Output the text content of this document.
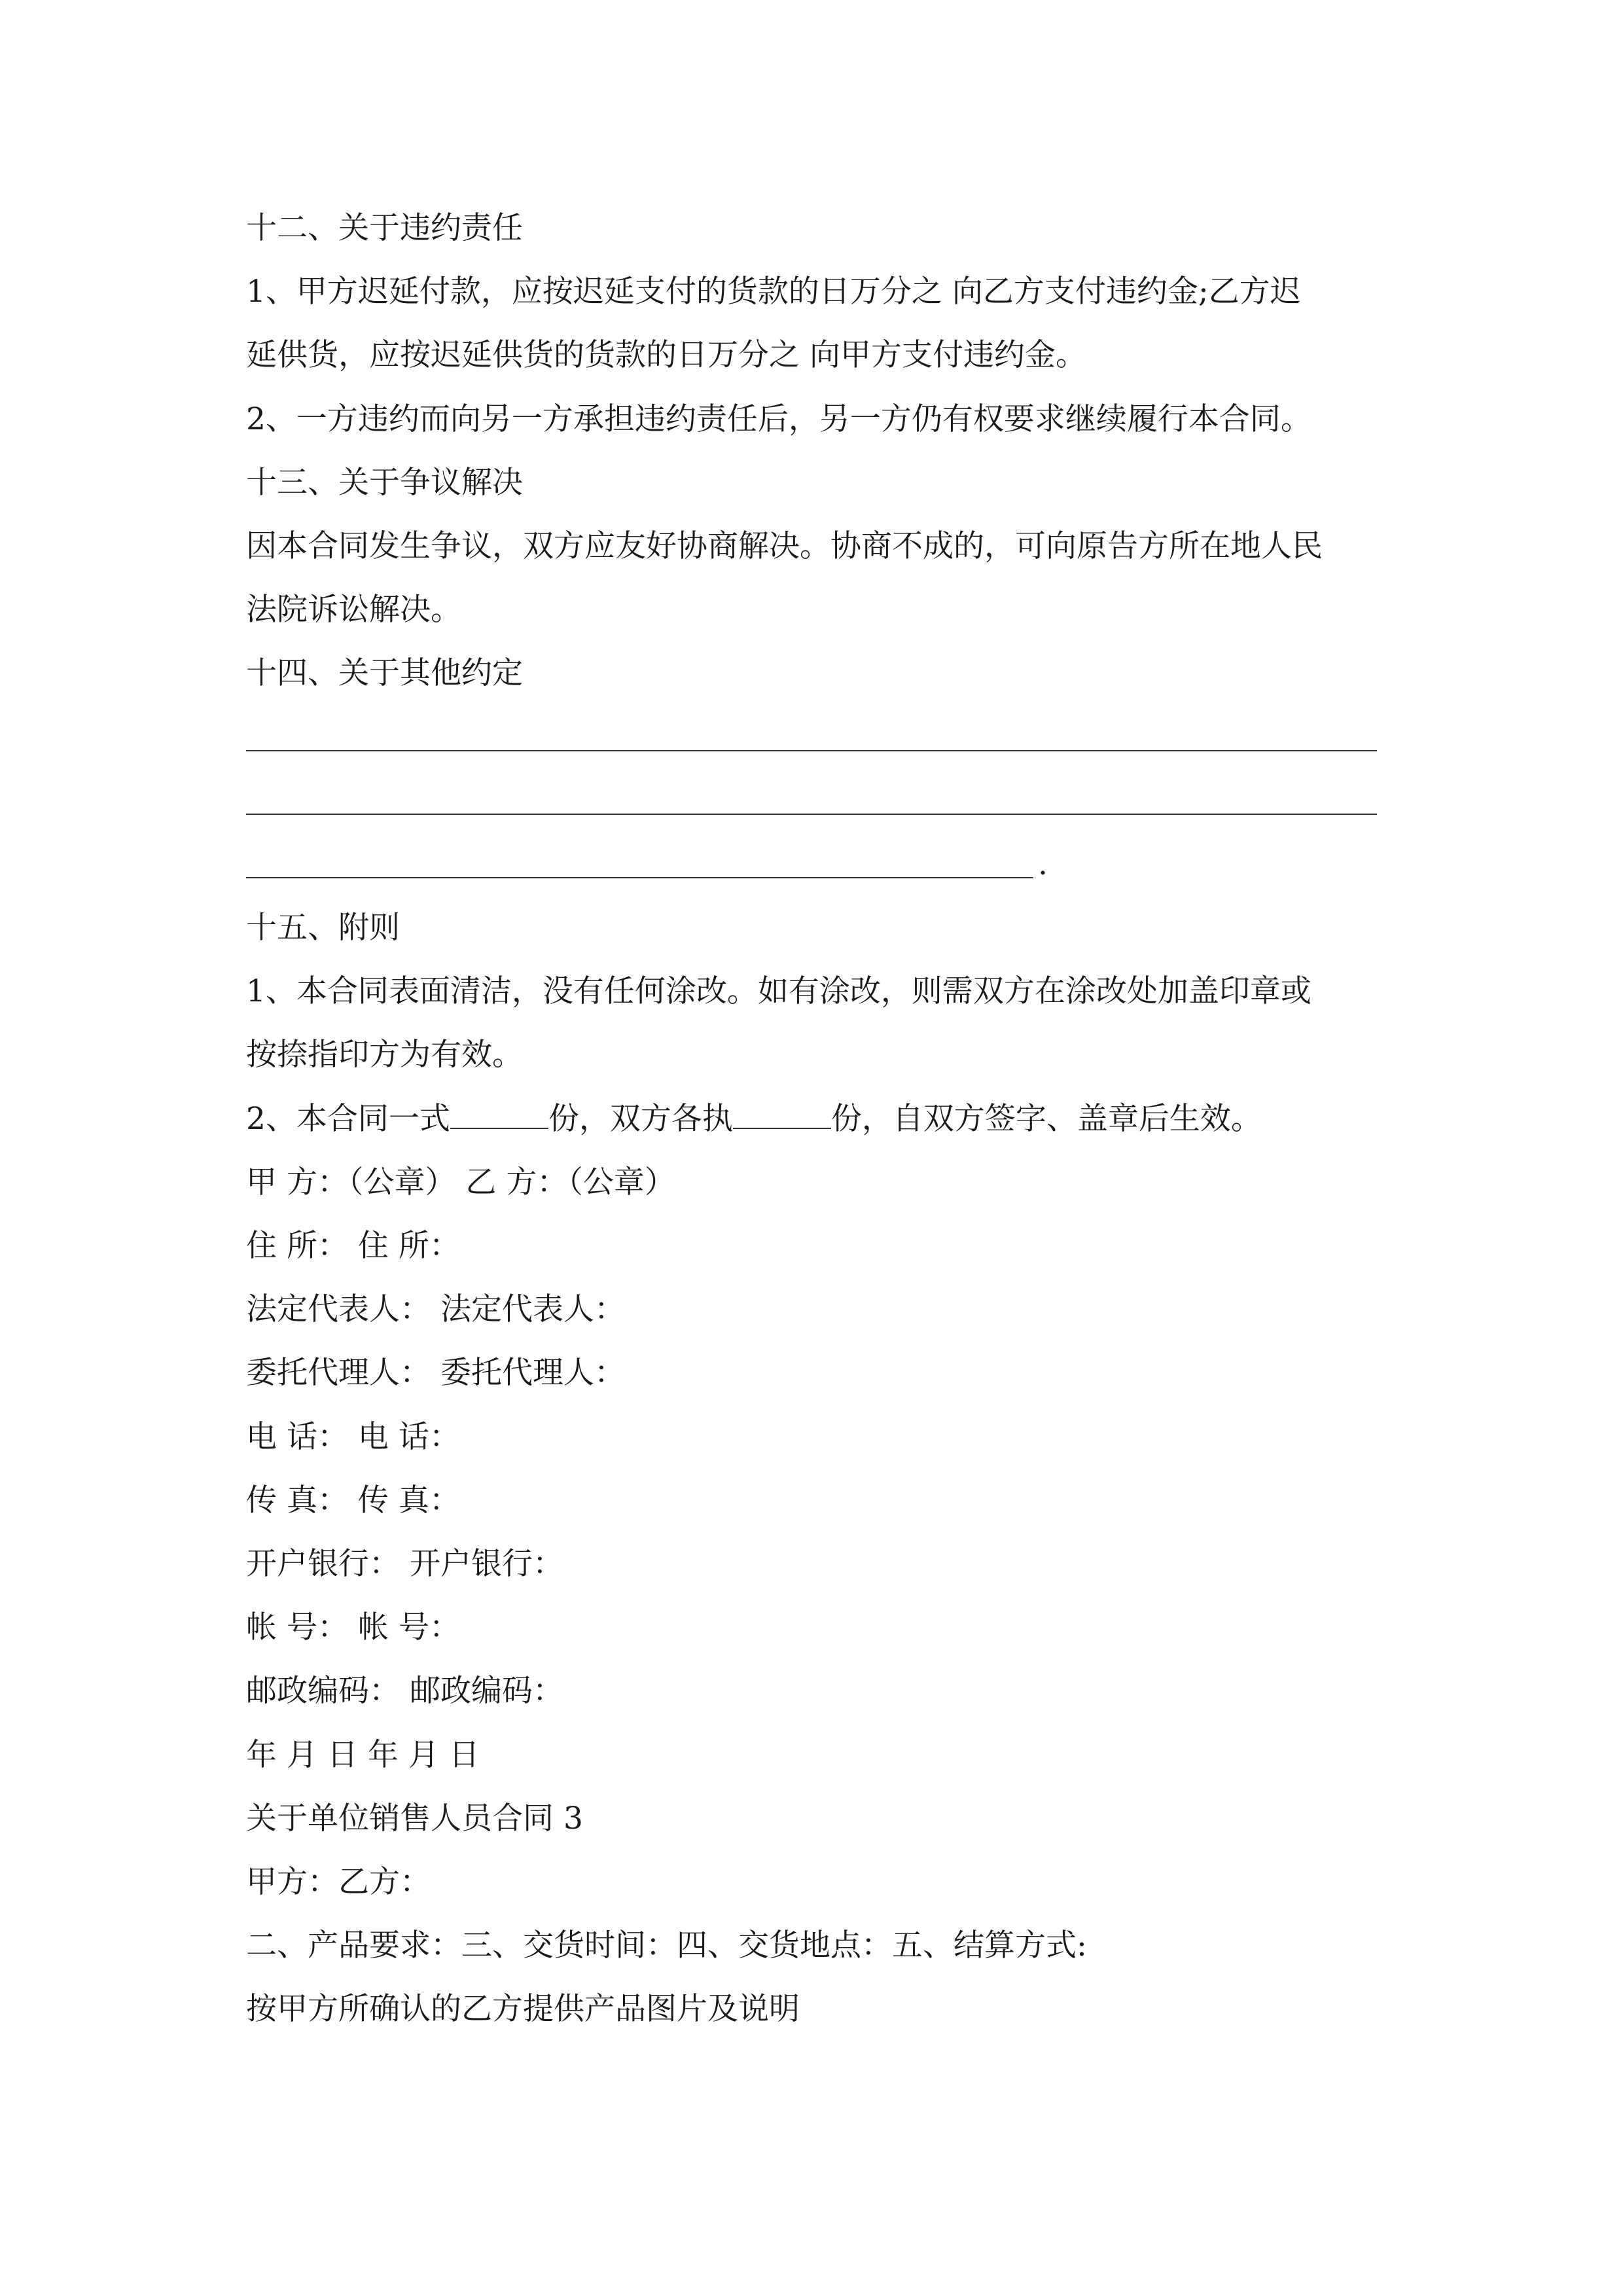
十二、关于违约责任
1、甲方迟延付款，应按迟延支付的货款的日万分之 向乙方支付违约金;乙方迟
延供货，应按迟延供货的货款的日万分之 向甲方支付违约金。
2、一方违约而向另一方承担违约责任后，另一方仍有权要求继续履行本合同。
十三、关于争议解决
因本合同发生争议，双方应友好协商解决。协商不成的，可向原告方所在地人民
法院诉讼解决。
十四、关于其他约定
.
十五、附则
1、本合同表面清洁，没有任何涂改。如有涂改，则需双方在涂改处加盖印章或
按捺指印方为有效。
2、本合同一式	份，双方各执	份，自双方签字、盖章后生效。
甲 方：（公章） 乙 方：（公章）
住 所： 住 所：
法定代表人： 法定代表人：
委托代理人： 委托代理人：
电 话： 电 话：
传 真： 传 真：
开户银行： 开户银行：
帐 号： 帐 号：
邮政编码： 邮政编码：
年 月 日 年 月 日
关于单位销售人员合同 3
甲方：乙方：
二、产品要求：三、交货时间：四、交货地点：五、结算方式:
按甲方所确认的乙方提供产品图片及说明
